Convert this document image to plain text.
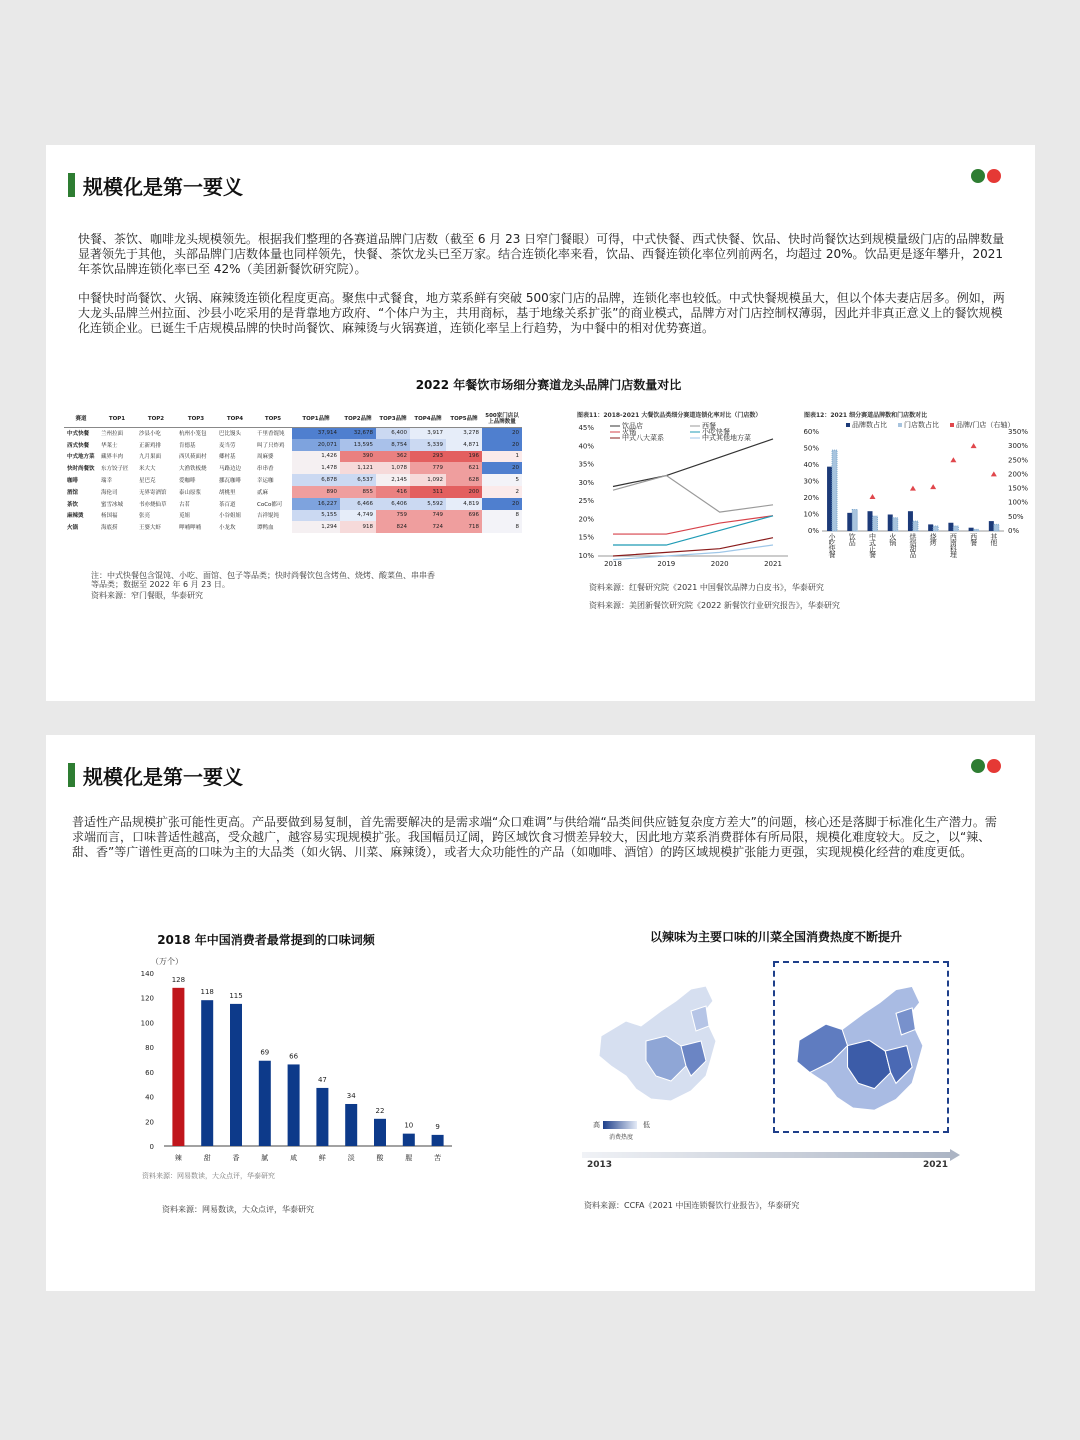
规模化是第一要义
快餐、茶饮、咖啡龙头规模领先。根据我们整理的各赛道品牌门店数（截至 6 月 23 日窄门餐眼）可得，中式快餐、西式快餐、饮品、快时尚餐饮达到规模量级门店的品牌数量显著领先于其他，头部品牌门店数体量也同样领先，快餐、茶饮龙头已至万家。结合连锁化率来看，饮品、西餐连锁化率位列前两名，均超过 20%。饮品更是逐年攀升，2021 年茶饮品牌连锁化率已至 42%（美团新餐饮研究院）。
中餐快时尚餐饮、火锅、麻辣烫连锁化程度更高。聚焦中式餐食，地方菜系鲜有突破 500家门店的品牌，连锁化率也较低。中式快餐规模虽大，但以个体夫妻店居多。例如，两大龙头品牌兰州拉面、沙县小吃采用的是背靠地方政府、“个体户为主，共用商标，基于地缘关系扩张”的商业模式，品牌方对门店控制权薄弱，因此并非真正意义上的餐饮规模化连锁企业。已诞生千店规模品牌的快时尚餐饮、麻辣烫与火锅赛道，连锁化率呈上行趋势，为中餐中的相对优势赛道。
2022 年餐饮市场细分赛道龙头品牌门店数量对比
赛道	TOP1	TOP2	TOP3	TOP4	TOP5	TOP1品牌	TOP2品牌	TOP3品牌	TOP4品牌	TOP5品牌	500家门店以上品牌数量
中式快餐	兰州拉面	沙县小吃	杭州小笼包	巴比馒头	千里香馄饨	37,914	32,678	6,400	3,917	3,278	20
西式快餐	华莱士	正新鸡排	肯德基	麦当劳	叫了只炸鸡	20,071	13,595	8,754	5,339	4,871	20
中式地方菜	藏界丰肉	九月果面	西贝莜面村	郷村基	周麻婆	1,426	390	362	293	196	1
快时尚餐饮	东方饺子匠	米大大	大渔铁板烧	马路边边	串串香	1,478	1,121	1,078	779	621	20
咖啡	瑞幸	星巴克	爱咖啡	挪瓦咖啡	幸运咖	6,878	6,537	2,145	1,092	628	5
酒馆	海伦司	无界寄酒馆	泰山原浆	胡桃里	贰麻	890	855	416	311	200	2
茶饮	蜜雪冰城	书亦烧仙草	古茗	茶百道	CoCo都可	16,227	6,466	6,406	5,592	4,819	20
麻辣烫	杨国福	张亮	觅姐	小谷姐姐	吉祥馄饨	5,155	4,749	759	749	696	8
火锅	海底捞	王婆大虾	呷哺呷哺	小龙坎	谭鸭血	1,294	918	824	724	718	8
注：中式快餐包含馄饨、小吃、面馆、包子等品类；快时尚餐饮包含烤鱼、烧烤、酸菜鱼、串串香等品类；数据至 2022 年 6 月 23 日。
资料来源：窄门餐眼，华泰研究
图表11：2018-2021 大餐饮品类细分赛道连锁化率对比（门店数）
10%
15%
20%
25%
30%
35%
40%
45%
2018	2019	2020	2021
饮品店	西餐
火锅	小吃快餐
中式八大菜系	中式其他地方菜
图表12：2021 细分赛道品牌数和门店数对比
0%
10%
20%
30%
40%
50%
60%
0%
50%
100%
150%
200%
250%
300%
350%
小
吃
快
餐
饮
品
中
式
正
餐
火
锅
烘
焙
甜
品
烧
烤
西
南
料
理
西
餐
其
他
品牌数占比 门店数占比 品牌/门店（右轴）
资料来源：红餐研究院《2021 中国餐饮品牌力白皮书》，华泰研究
资料来源：美团新餐饮研究院《2022 新餐饮行业研究报告》，华泰研究
规模化是第一要义
普适性产品规模扩张可能性更高。产品要做到易复制，首先需要解决的是需求端“众口难调”与供给端“品类间供应链复杂度方差大”的问题，核心还是落脚于标准化生产潜力。需求端而言，口味普适性越高，受众越广，越容易实现规模扩张。我国幅员辽阔，跨区域饮食习惯差异较大，因此地方菜系消费群体有所局限，规模化难度较大。反之，以“辣、甜、香”等广谱性更高的口味为主的大品类（如火锅、川菜、麻辣烫），或者大众功能性的产品（如咖啡、酒馆）的跨区域规模扩张能力更强，实现规模化经营的难度更低。
2018 年中国消费者最常提到的口味词频
（万个）
0
20
40
60
80
100
120
140
128
辣
118
甜
115
香
69
腻
66
咸
47
鲜
34
淡
22
酸
10
腥
9
苦
资料来源：网易数读，大众点评，华泰研究
资料来源：网易数读，大众点评，华泰研究
以辣味为主要口味的川菜全国消费热度不断提升
高	低
消费热度
2013	2021
资料来源：CCFA《2021 中国连锁餐饮行业报告》，华泰研究
